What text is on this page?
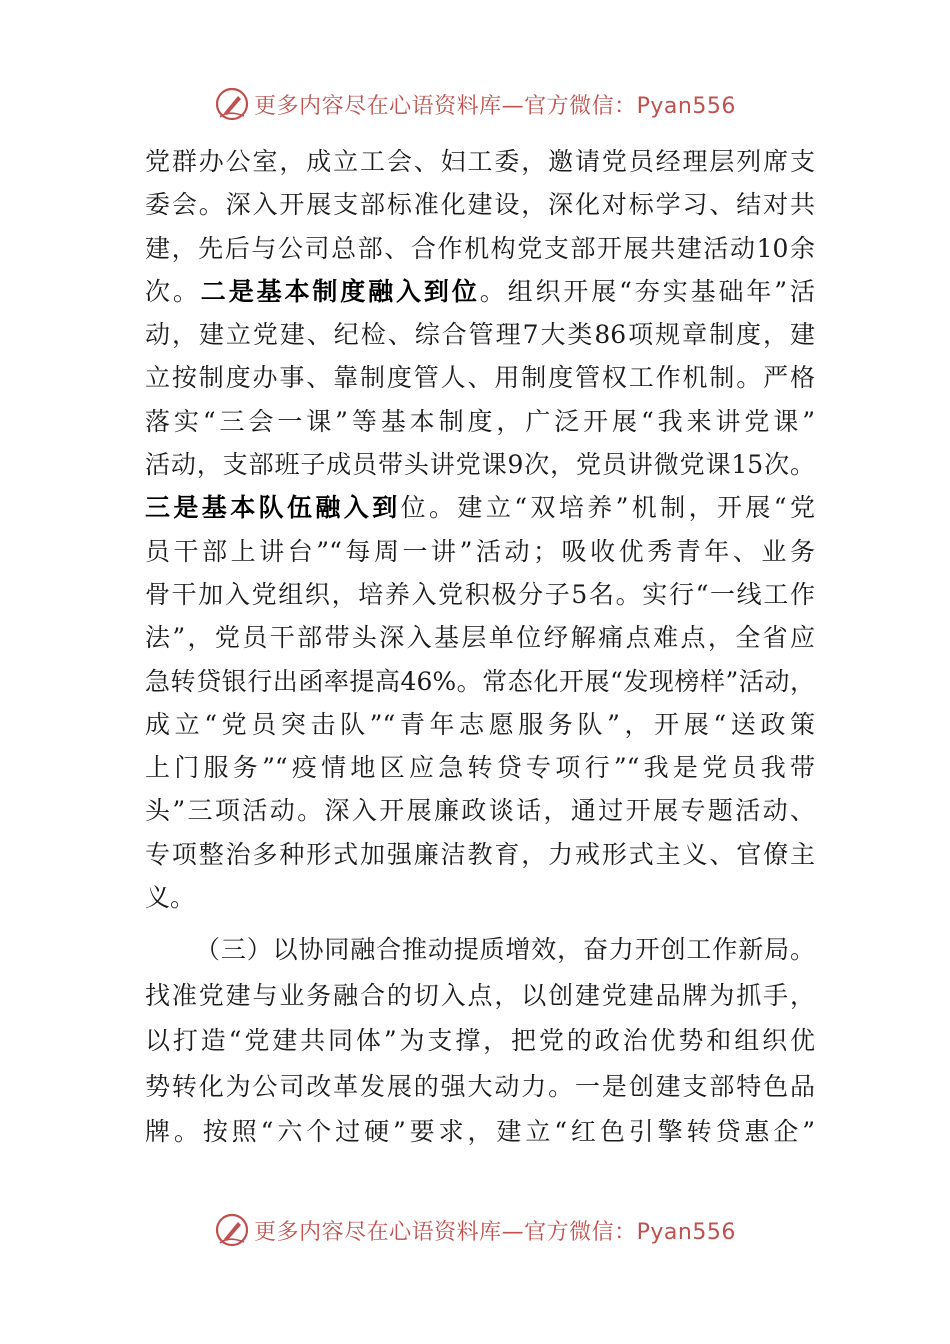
更多内容尽在心语资料库—官方微信：Pyan556
党群办公室，成立工会、妇工委，邀请党员经理层列席支
委会。深入开展支部标准化建设，深化对标学习、结对共
建，先后与公司总部、合作机构党支部开展共建活动10余
次。二是基本制度融入到位。组织开展“夯实基础年”活
动，建立党建、纪检、综合管理7大类86项规章制度，建
立按制度办事、靠制度管人、用制度管权工作机制。严格
落实“三会一课”等基本制度，广泛开展“我来讲党课”
活动，支部班子成员带头讲党课9次，党员讲微党课15次。
三是基本队伍融入到位。建立“双培养”机制，开展“党
员干部上讲台”“每周一讲”活动；吸收优秀青年、业务
骨干加入党组织，培养入党积极分子5名。实行“一线工作
法”，党员干部带头深入基层单位纾解痛点难点，全省应
急转贷银行出函率提高46%。常态化开展“发现榜样”活动，
成立“党员突击队”“青年志愿服务队”，开展“送政策
上门服务”“疫情地区应急转贷专项行”“我是党员我带
头”三项活动。深入开展廉政谈话，通过开展专题活动、
专项整治多种形式加强廉洁教育，力戒形式主义、官僚主
义。
（三）以协同融合推动提质增效，奋力开创工作新局。
找准党建与业务融合的切入点，以创建党建品牌为抓手，
以打造“党建共同体”为支撑，把党的政治优势和组织优
势转化为公司改革发展的强大动力。一是创建支部特色品
牌。按照“六个过硬”要求，建立“红色引擎转贷惠企”
更多内容尽在心语资料库—官方微信：Pyan556
